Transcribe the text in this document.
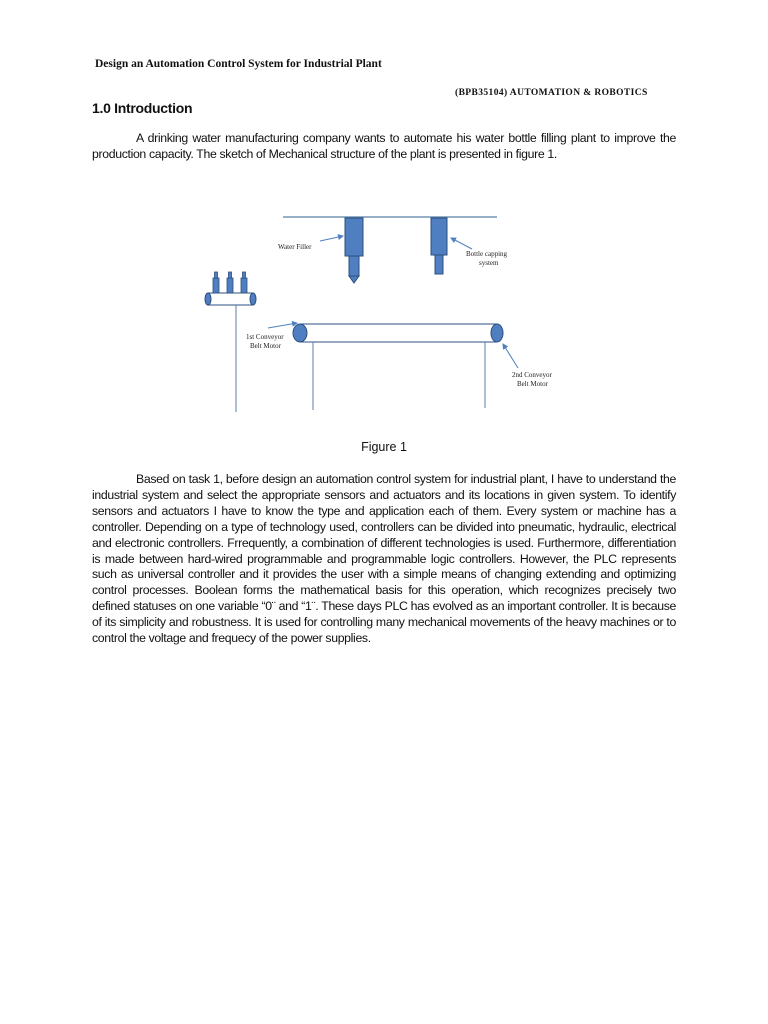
Design an Automation Control System for Industrial Plant
(BPB35104) AUTOMATION & ROBOTICS
1.0 Introduction

A drinking water manufacturing company wants to automate his water bottle filling plant to improve the production capacity. The sketch of Mechanical structure of the plant is presented in figure 1.

Water Filler
Bottle capping
system
1st Conveyor
Belt Motor
2nd Conveyor
Belt Motor
Figure 1

Based on task 1, before design an automation control system for industrial plant, I have to understand the industrial system and select the appropriate sensors and actuators and its locations in given system. To identify sensors and actuators I have to know the type and application each of them. Every system or machine has a controller. Depending on a type of technology used, controllers can be divided into pneumatic, hydraulic, electrical and electronic controllers. Frrequently, a combination of different technologies is used. Furthermore, differentiation is made between hard-wired programmable and programmable logic controllers. However, the PLC represents such as universal controller and it provides the user with a simple means of changing extending and optimizing control processes. Boolean forms the mathematical basis for this operation, which recognizes precisely two defined statuses on one variable “0¨ and “1¨. These days PLC has evolved as an important controller. It is because of its simplicity and robustness. It is used for controlling many mechanical movements of the heavy machines or to control the voltage and frequecy of the power supplies.
